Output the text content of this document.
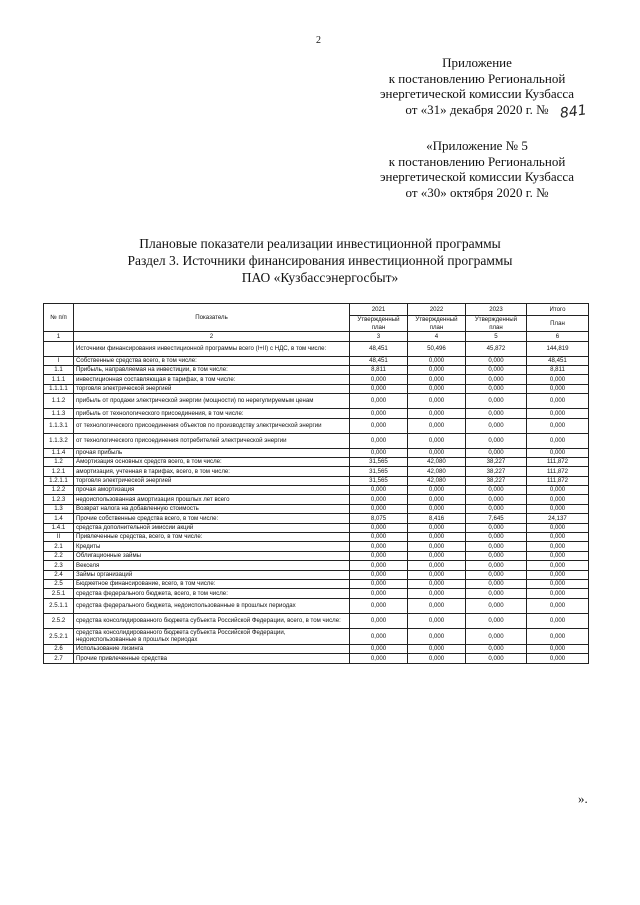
2
Приложение
к постановлению Региональной
энергетической комиссии Кузбасса
от «31» декабря 2020 г. № 841
«Приложение № 5
к постановлению Региональной
энергетической комиссии Кузбасса
от «30» октября 2020 г. №
Плановые показатели реализации инвестиционной программы
Раздел 3. Источники финансирования инвестиционной программы
ПАО «Кузбассэнергосбыт»
№ п/п	Показатель	2021	2022	2023	Итого
		Утвержденный план	Утвержденный план	Утвержденный план	План
1	2	3	4	5	6
	Источники финансирования инвестиционной программы всего (I+II) с НДС, в том числе:	48,451	50,496	45,872	144,819
I	Собственные средства всего, в том числе:	48,451	0,000	0,000	48,451
1.1	Прибыль, направляемая на инвестиции, в том числе:	8,811	0,000	0,000	8,811
1.1.1	инвестиционная составляющая в тарифах, в том числе:	0,000	0,000	0,000	0,000
1.1.1.1	торговля электрической энергией	0,000	0,000	0,000	0,000
1.1.2	прибыль от продажи электрической энергии (мощности) по нерегулируемым ценам	0,000	0,000	0,000	0,000
1.1.3	прибыль от технологического присоединения, в том числе:	0,000	0,000	0,000	0,000
1.1.3.1	от технологического присоединения объектов по производству электрической энергии	0,000	0,000	0,000	0,000
1.1.3.2	от технологического присоединения потребителей электрической энергии	0,000	0,000	0,000	0,000
1.1.4	прочая прибыль	0,000	0,000	0,000	0,000
1.2	Амортизация основных средств всего, в том числе:	31,565	42,080	38,227	111,872
1.2.1	амортизация, учтенная в тарифах, всего, в том числе:	31,565	42,080	38,227	111,872
1.2.1.1	торговля электрической энергией	31,565	42,080	38,227	111,872
1.2.2	прочая амортизация	0,000	0,000	0,000	0,000
1.2.3	недоиспользованная амортизация прошлых лет всего	0,000	0,000	0,000	0,000
1.3	Возврат налога на добавленную стоимость	0,000	0,000	0,000	0,000
1.4	Прочие собственные средства всего, в том числе:	8,075	8,416	7,645	24,137
1.4.1	средства дополнительной эмиссии акций	0,000	0,000	0,000	0,000
II	Привлеченные средства, всего, в том числе:	0,000	0,000	0,000	0,000
2.1	Кредиты	0,000	0,000	0,000	0,000
2.2	Облигационные займы	0,000	0,000	0,000	0,000
2.3	Векселя	0,000	0,000	0,000	0,000
2.4	Займы организаций	0,000	0,000	0,000	0,000
2.5	Бюджетное финансирование, всего, в том числе:	0,000	0,000	0,000	0,000
2.5.1	средства федерального бюджета, всего, в том числе:	0,000	0,000	0,000	0,000
2.5.1.1	средства федерального бюджета, недоиспользованные в прошлых периодах	0,000	0,000	0,000	0,000
2.5.2	средства консолидированного бюджета субъекта Российской Федерации, всего, в том числе:	0,000	0,000	0,000	0,000
2.5.2.1	средства консолидированного бюджета субъекта Российской Федерации, недоиспользованные в прошлых периодах	0,000	0,000	0,000	0,000
2.6	Использование лизинга	0,000	0,000	0,000	0,000
2.7	Прочие привлеченные средства	0,000	0,000	0,000	0,000
».
